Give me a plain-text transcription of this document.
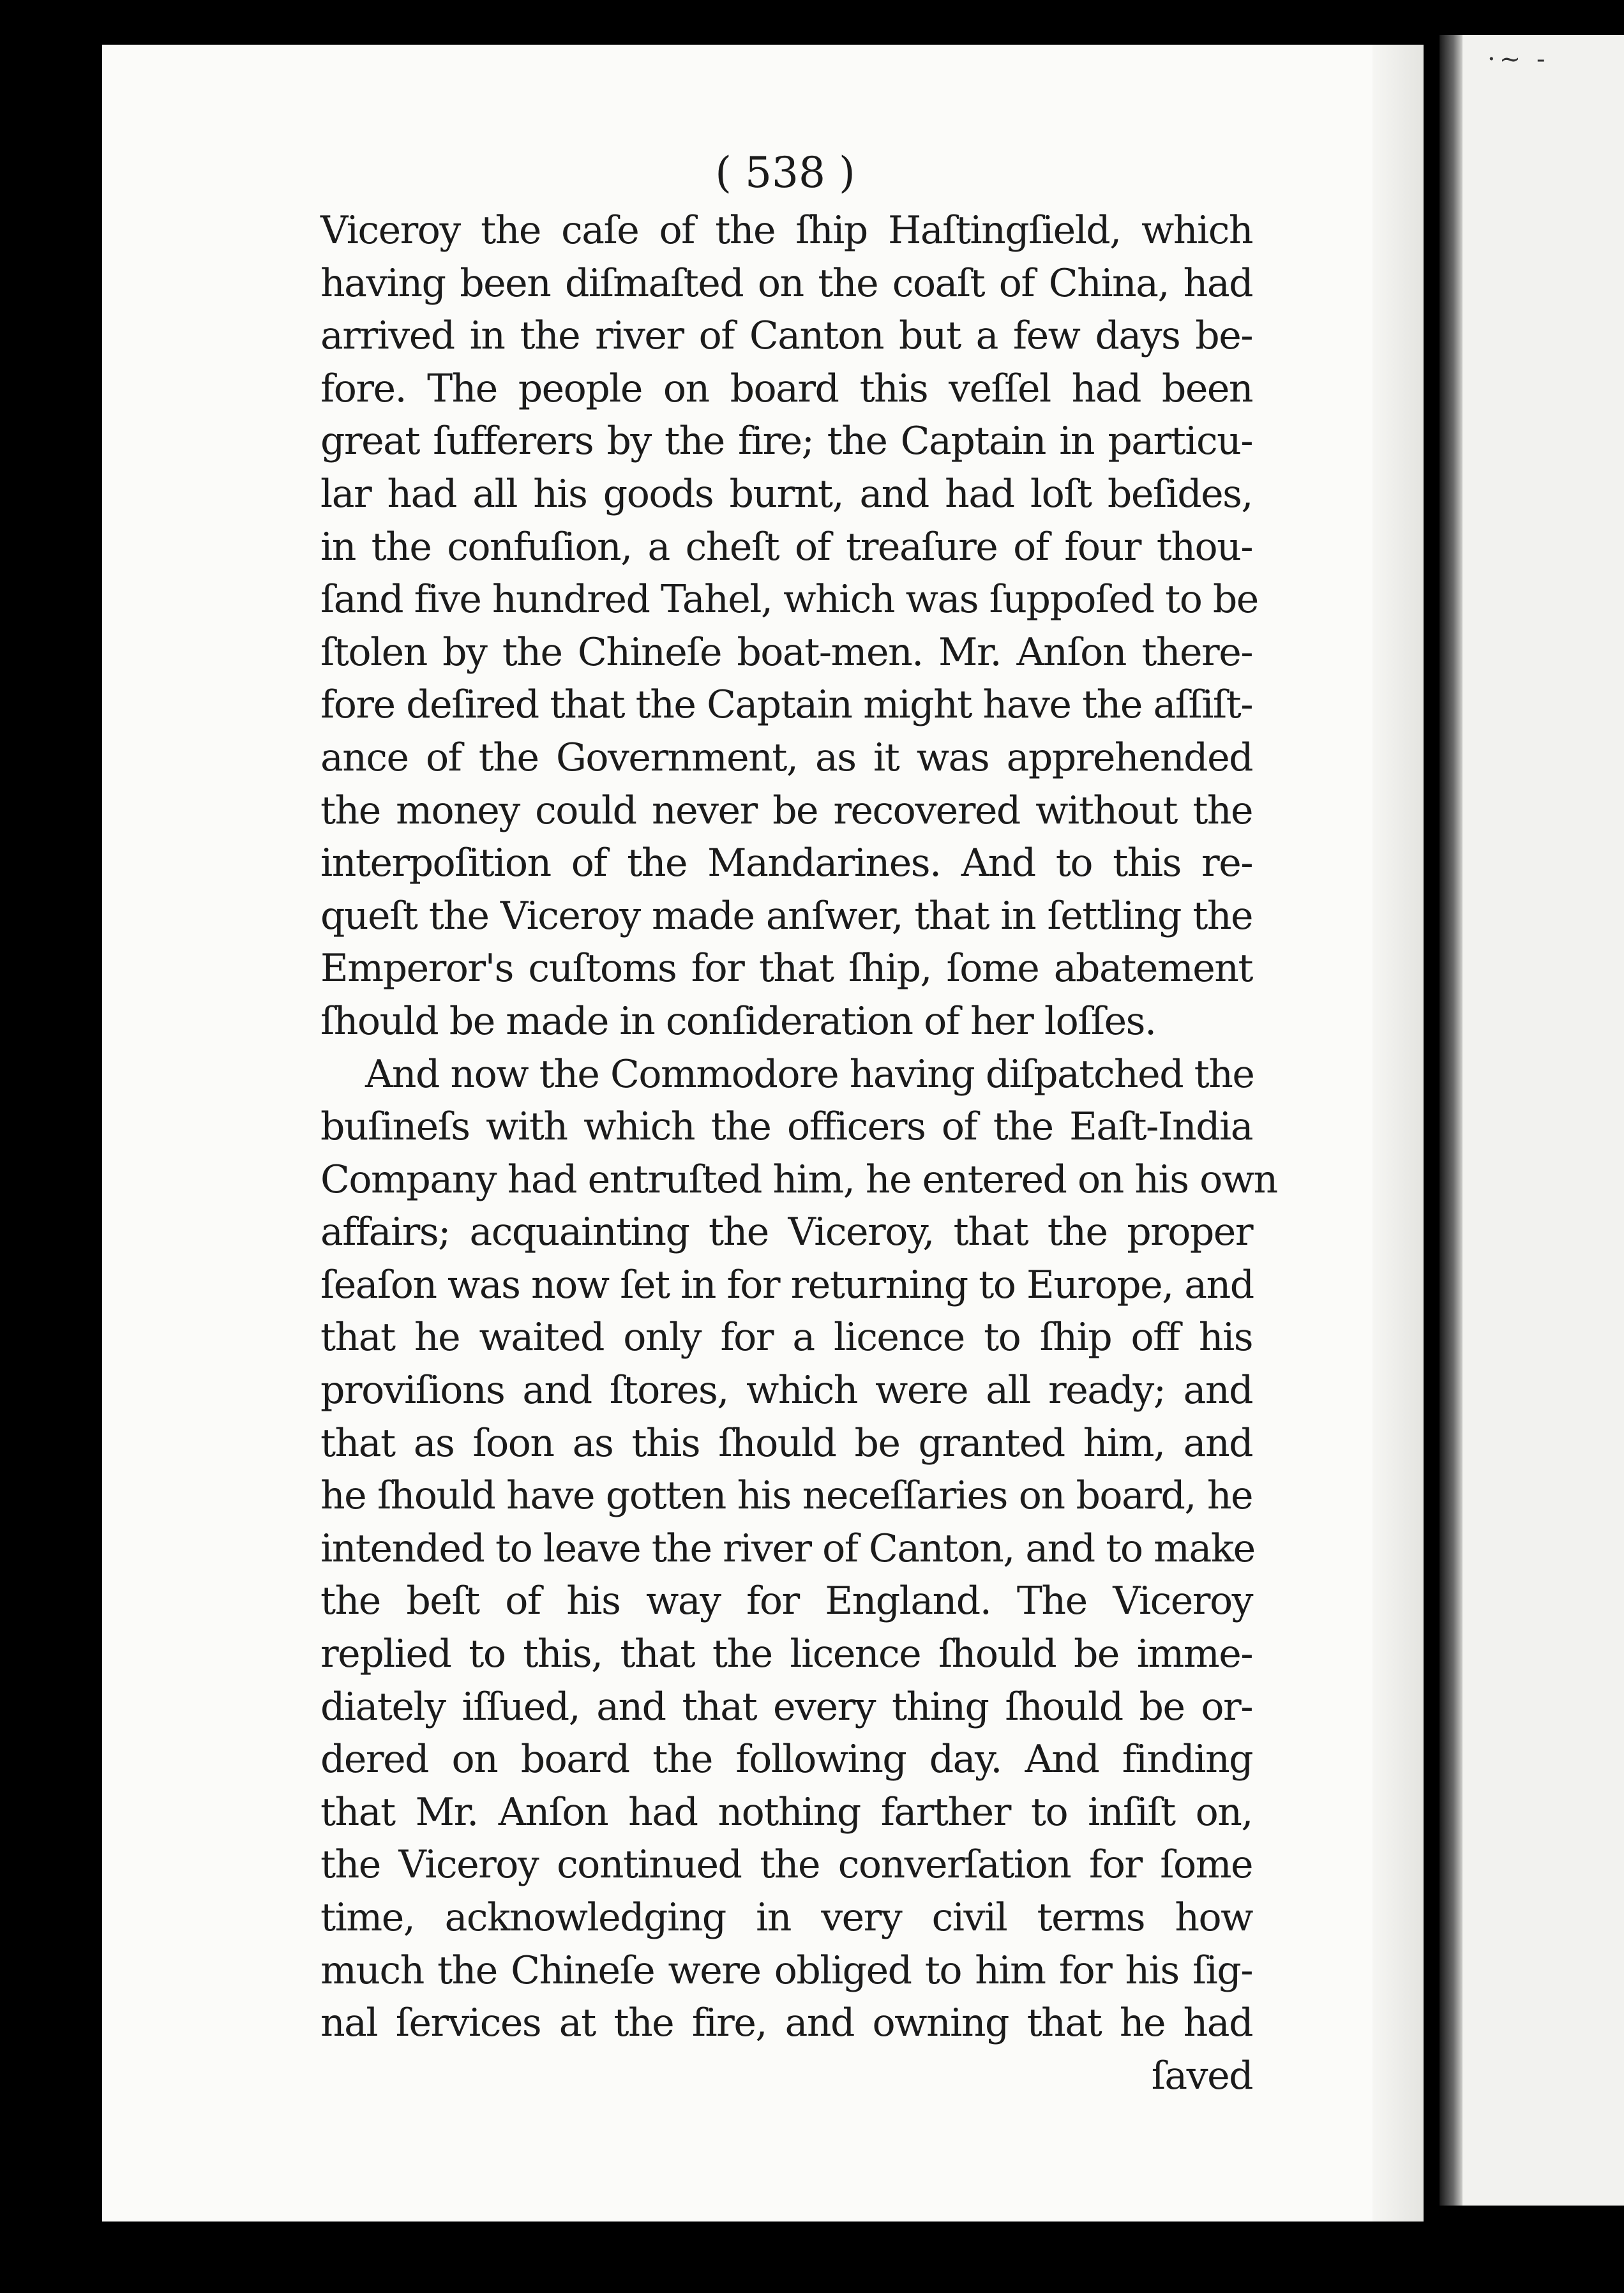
·~ -
( 538 )
Viceroy the caſe of the ſhip Haſtingſield, which
having been diſmaſted on the coaſt of China, had
arrived in the river of Canton but a few days be-
fore. The people on board this veſſel had been
great ſufferers by the fire; the Captain in particu-
lar had all his goods burnt, and had loſt beſides,
in the confuſion, a cheſt of treaſure of four thou-
ſand five hundred Tahel, which was ſuppoſed to be
ſtolen by the Chineſe boat-men. Mr. Anſon there-
fore deſired that the Captain might have the aſſiſt-
ance of the Government, as it was apprehended
the money could never be recovered without the
interpoſition of the Mandarines. And to this re-
queſt the Viceroy made anſwer, that in ſettling the
Emperor's cuſtoms for that ſhip, ſome abatement
ſhould be made in conſideration of her loſſes.
And now the Commodore having diſpatched the
buſineſs with which the officers of the Eaſt-India
Company had entruſted him, he entered on his own
affairs; acquainting the Viceroy, that the proper
ſeaſon was now ſet in for returning to Europe, and
that he waited only for a licence to ſhip off his
proviſions and ſtores, which were all ready; and
that as ſoon as this ſhould be granted him, and
he ſhould have gotten his neceſſaries on board, he
intended to leave the river of Canton, and to make
the beſt of his way for England. The Viceroy
replied to this, that the licence ſhould be imme-
diately iſſued, and that every thing ſhould be or-
dered on board the following day. And finding
that Mr. Anſon had nothing farther to inſiſt on,
the Viceroy continued the converſation for ſome
time, acknowledging in very civil terms how
much the Chineſe were obliged to him for his ſig-
nal ſervices at the fire, and owning that he had
ſaved
